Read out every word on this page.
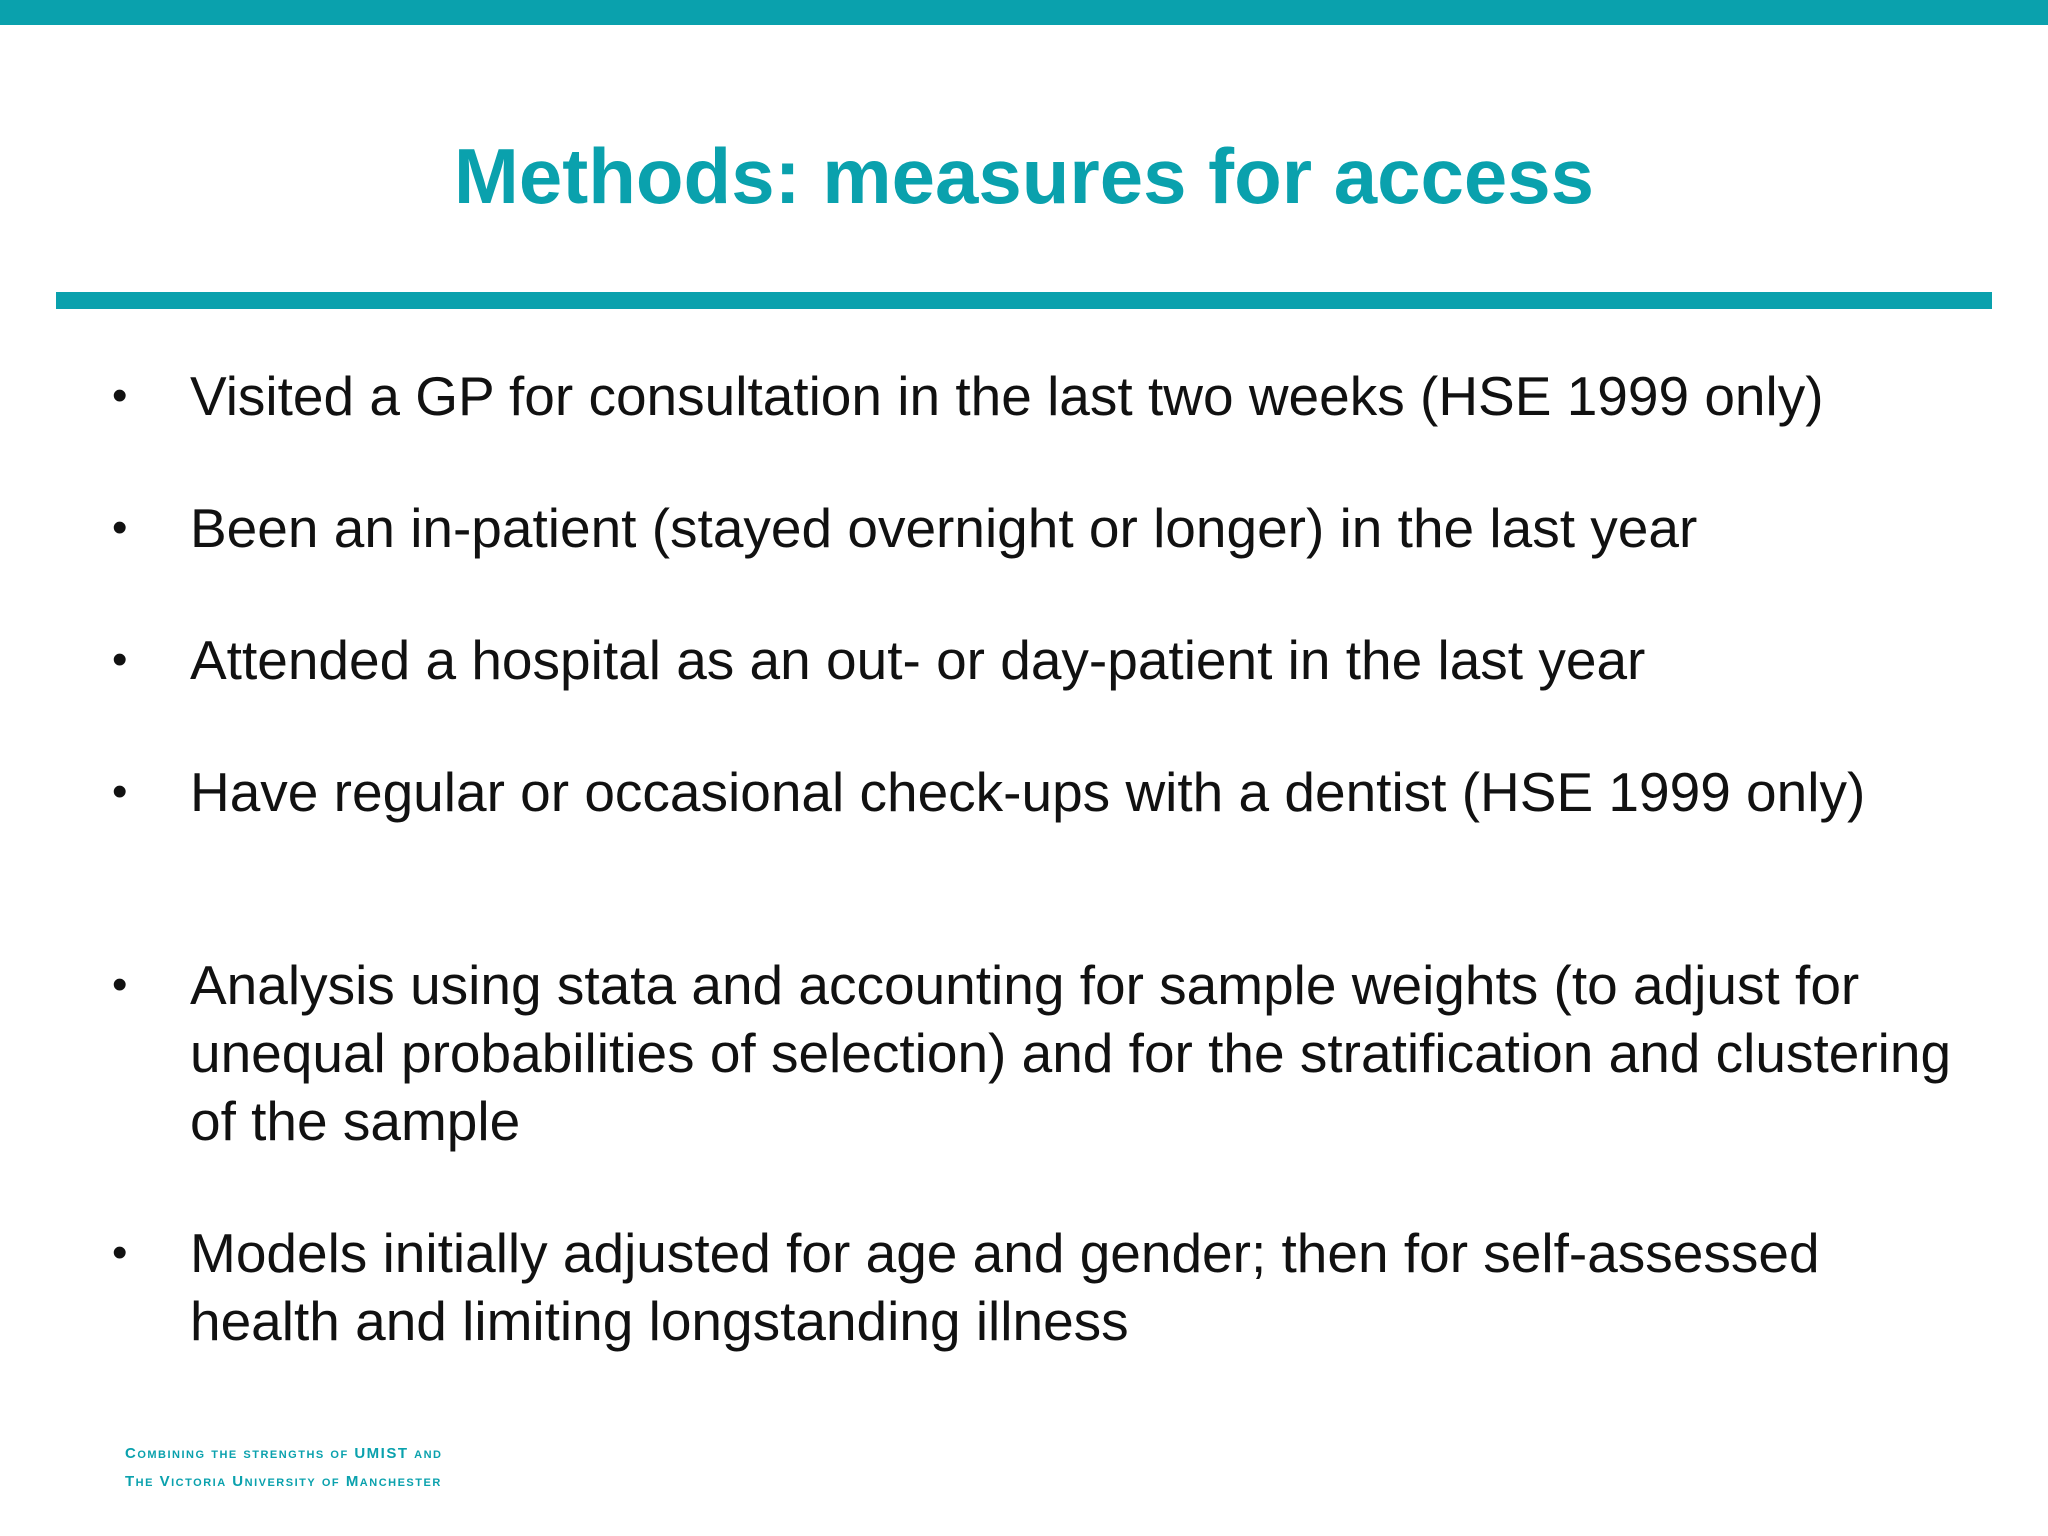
Methods: measures for access
•	Visited a GP for consultation in the last two weeks (HSE 1999 only)
•	Been an in-patient (stayed overnight or longer) in the last year
•	Attended a hospital as an out- or day-patient in the last year
•	Have regular or occasional check-ups with a dentist (HSE 1999 only)
•	Analysis using stata and accounting for sample weights (to adjust for unequal probabilities of selection) and for the stratification and clustering of the sample
•	Models initially adjusted for age and gender; then for self-assessed health and limiting longstanding illness
Combining the strengths of UMIST and
The Victoria University of Manchester
